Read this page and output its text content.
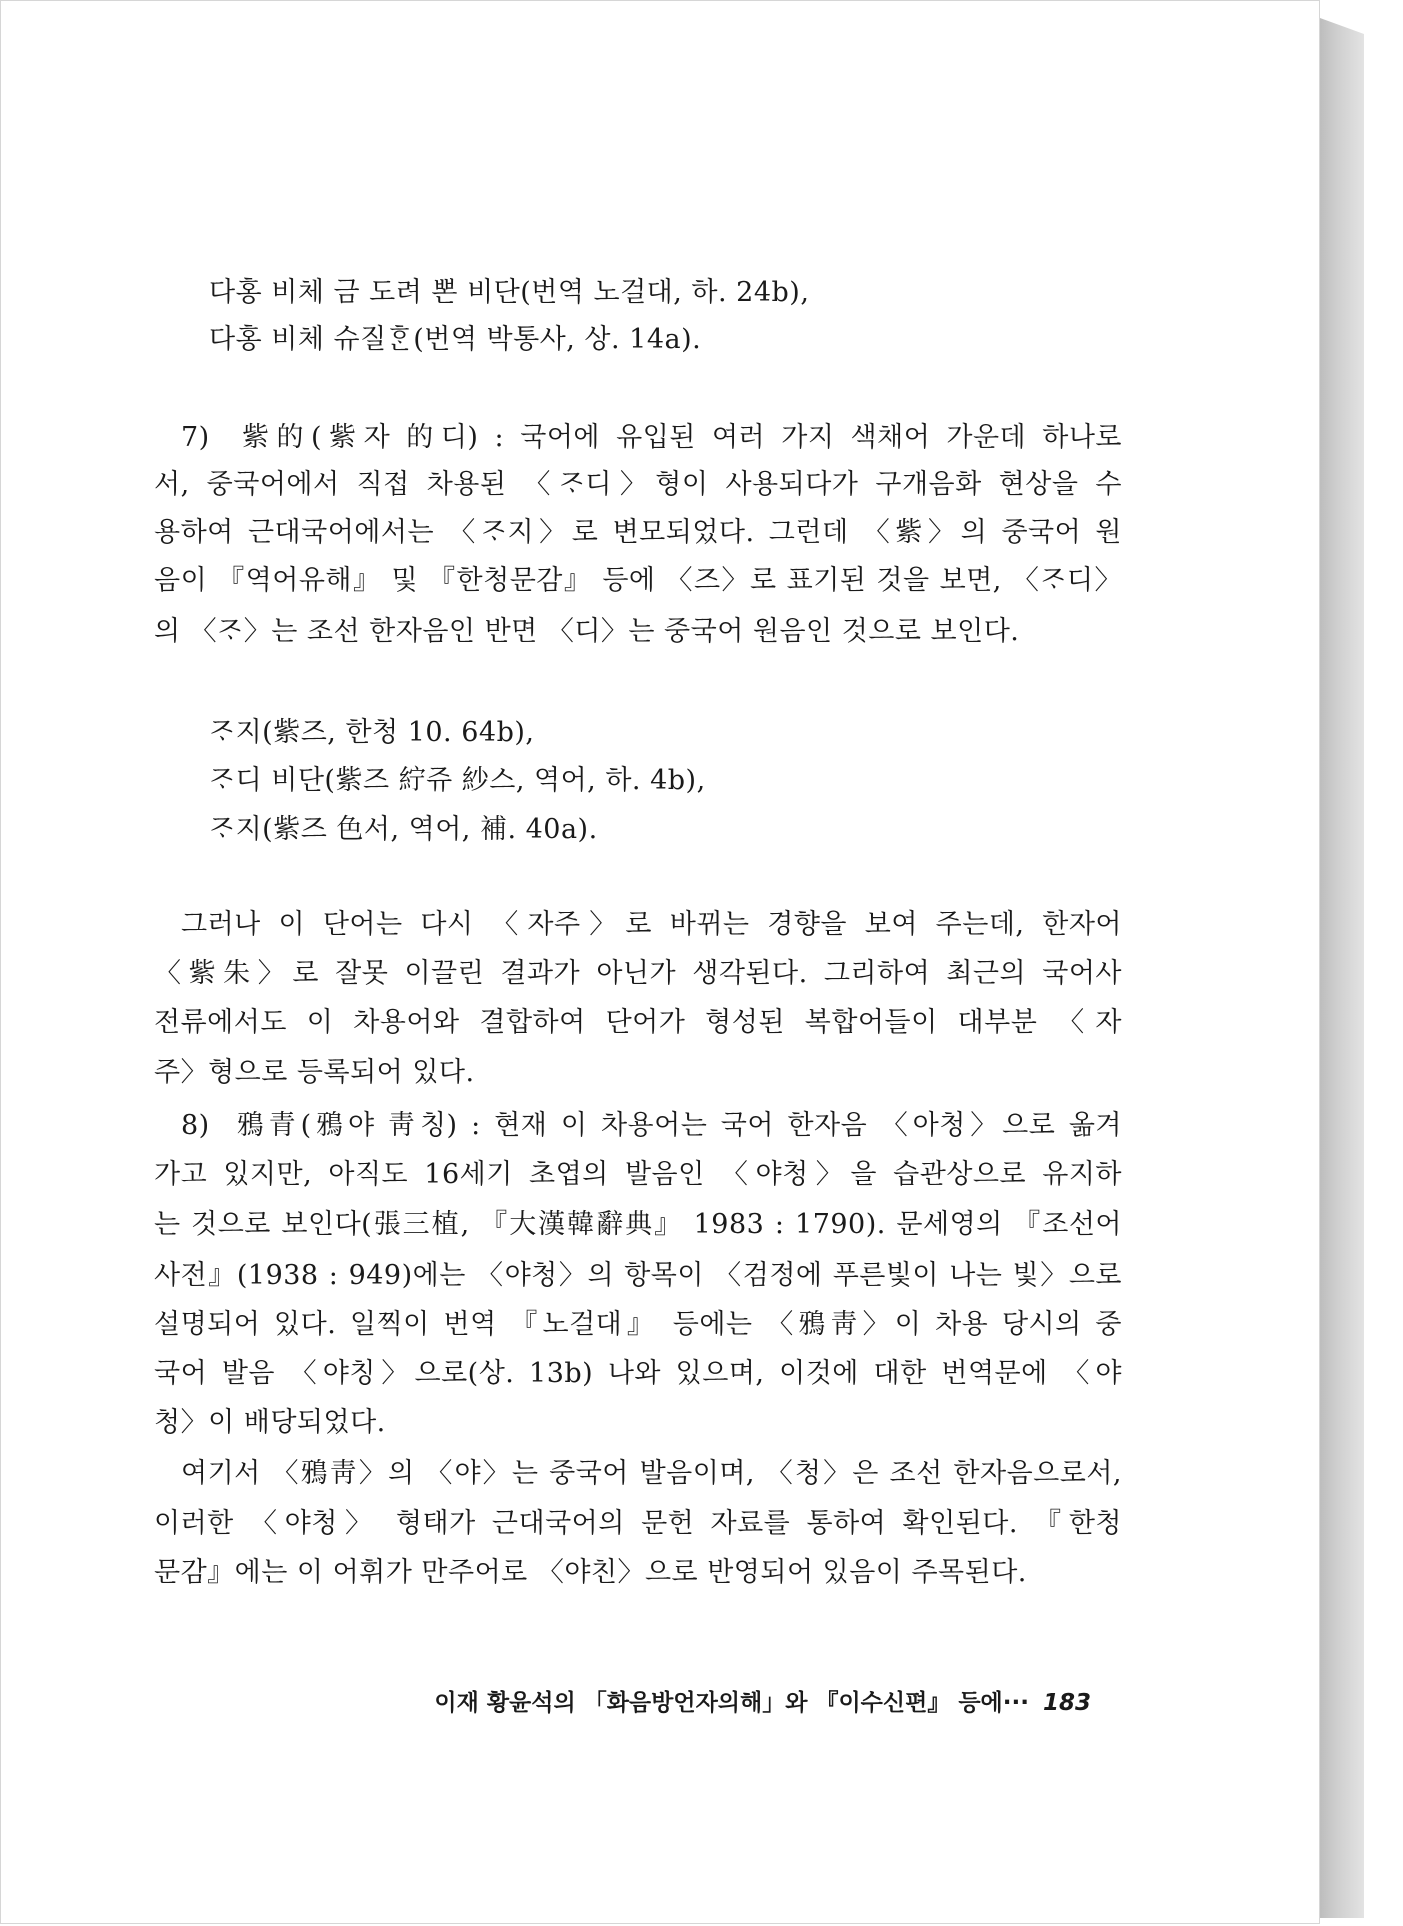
다홍 비체 금 도려 뽄 비단(번역 노걸대, 하. 24b),
다홍 비체 슈질ᄒᆞᆫ(번역 박통사, 상. 14a).
7)  紫的(紫자 的디) : 국어에 유입된 여러 가지 색채어 가운데 하나로
서, 중국어에서 직접 차용된 〈ᄌᆞ디〉형이 사용되다가 구개음화 현상을 수
용하여 근대국어에서는 〈ᄌᆞ지〉로 변모되었다. 그런데 〈紫〉의 중국어 원
음이 『역어유해』 및 『한청문감』 등에 〈즈〉로 표기된 것을 보면, 〈ᄌᆞ디〉
의 〈ᄌᆞ〉는 조선 한자음인 반면 〈디〉는 중국어 원음인 것으로 보인다.
ᄌᆞ지(紫즈, 한청 10. 64b),
ᄌᆞ디 비단(紫즈 紵쥬 紗스, 역어, 하. 4b),
ᄌᆞ지(紫즈 色서, 역어, 補. 40a).
그러나 이 단어는 다시 〈자주〉로 바뀌는 경향을 보여 주는데, 한자어
〈紫朱〉로 잘못 이끌린 결과가 아닌가 생각된다. 그리하여 최근의 국어사
전류에서도 이 차용어와 결합하여 단어가 형성된 복합어들이 대부분 〈자
주〉형으로 등록되어 있다.
8)  鴉青(鴉야 靑칭) : 현재 이 차용어는 국어 한자음 〈아청〉으로 옮겨
가고 있지만, 아직도 16세기 초엽의 발음인 〈야청〉을 습관상으로 유지하
는 것으로 보인다(張三植, 『大漢韓辭典』 1983 : 1790). 문세영의 『조선어
사전』(1938 : 949)에는 〈야청〉의 항목이 〈검정에 푸른빛이 나는 빛〉으로
설명되어 있다. 일찍이 번역 『노걸대』 등에는 〈鴉靑〉이 차용 당시의 중
국어 발음 〈야칭〉으로(상. 13b) 나와 있으며, 이것에 대한 번역문에 〈야
청〉이 배당되었다.
여기서 〈鴉靑〉의 〈야〉는 중국어 발음이며, 〈청〉은 조선 한자음으로서,
이러한 〈야청〉 형태가 근대국어의 문헌 자료를 통하여 확인된다. 『한청
문감』에는 이 어휘가 만주어로 〈야친〉으로 반영되어 있음이 주목된다.
이재 황윤석의 「화음방언자의해」와 『이수신편』 등에··· 183
